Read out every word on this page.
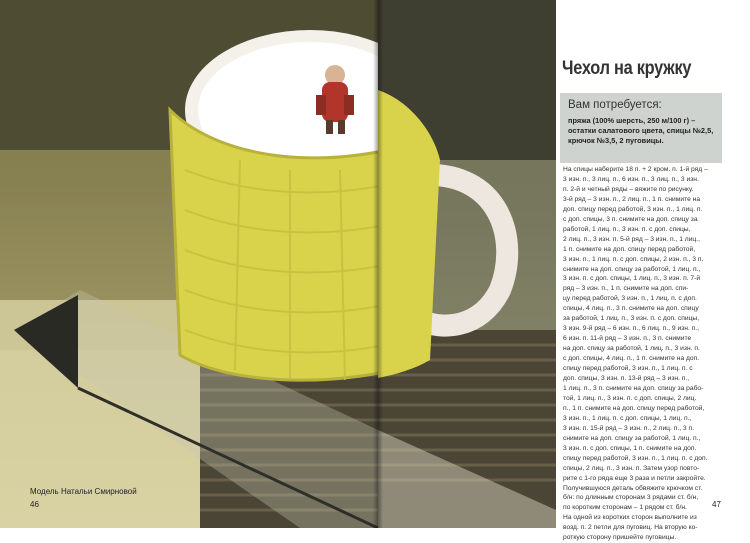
Модель Натальи Смирновой
46
Чехол на кружку
Вам потребуется:
пряжа (100% шерсть, 250 м/100 г) –
остатки салатового цвета, спицы №2,5,
крючок №3,5, 2 пуговицы.
На спицы наберите 18 п. + 2 кром. п. 1-й ряд –
3 изн. п., 3 лиц. п., 6 изн. п., 3 лиц. п., 3 изн.
п. 2-й и четный ряды – вяжите по рисунку.
3-й ряд – 3 изн. п., 2 лиц. п., 1 п. снимите на
доп. спицу перед работой, 3 изн. п., 1 лиц. п.
с доп. спицы, 3 п. снимите на доп. спицу за
работой, 1 лиц. п., 3 изн. п. с доп. спицы,
2 лиц. п., 3 изн. п. 5-й ряд – 3 изн. п., 1 лиц.,
1 п. снимите на доп. спицу перед работой,
3 изн. п., 1 лиц. п. с доп. спицы, 2 изн. п., 3 п.
снимите на доп. спицу за работой, 1 лиц. п.,
3 изн. п. с доп. спицы, 1 лиц. п., 3 изн. п. 7-й
ряд – 3 изн. п., 1 п. снимите на доп. спи-
цу перед работой, 3 изн. п., 1 лиц. п. с доп.
спицы, 4 лиц. п., 3 п. снимите на доп. спицу
за работой, 1 лиц. п., 3 изн. п. с доп. спицы,
3 изн. 9-й ряд – 6 изн. п., 6 лиц. п., 9 изн. п.,
6 изн. п. 11-й ряд – 3 изн. п., 3 п. снимите
на доп. спицу за работой, 1 лиц. п., 3 изн. п.
с доп. спицы, 4 лиц. п., 1 п. снимите на доп.
спицу перед работой, 3 изн. п., 1 лиц. п. с
доп. спицы, 3 изн. п. 13-й ряд – 3 изн. п.,
1 лиц. п., 3 п. снимите на доп. спицу за рабо-
той, 1 лиц. п., 3 изн. п. с доп. спицы, 2 лиц.
п., 1 п. снимите на доп. спицу перед работой,
3 изн. п., 1 лиц. п. с доп. спицы, 1 лиц. п.,
3 изн. п. 15-й ряд – 3 изн. п., 2 лиц. п., 3 п.
снимите на доп. спицу за работой, 1 лиц. п.,
3 изн. п. с доп. спицы, 1 п. снимите на доп.
спицу перед работой, 3 изн. п., 1 лиц. п. с доп.
спицы, 2 лиц. п., 3 изн. п. Затем узор повто-
рите с 1-го ряда еще 3 раза и петли закройте.
Получившуюся деталь обвяжите крючком ст.
б/н: по длинным сторонам 3 рядами ст. б/н,
по коротким сторонам – 1 рядом ст. б/н.
На одной из коротких сторон выполните из
возд. п. 2 петли для пуговиц. На вторую ко-
роткую сторону пришейте пуговицы.
47
